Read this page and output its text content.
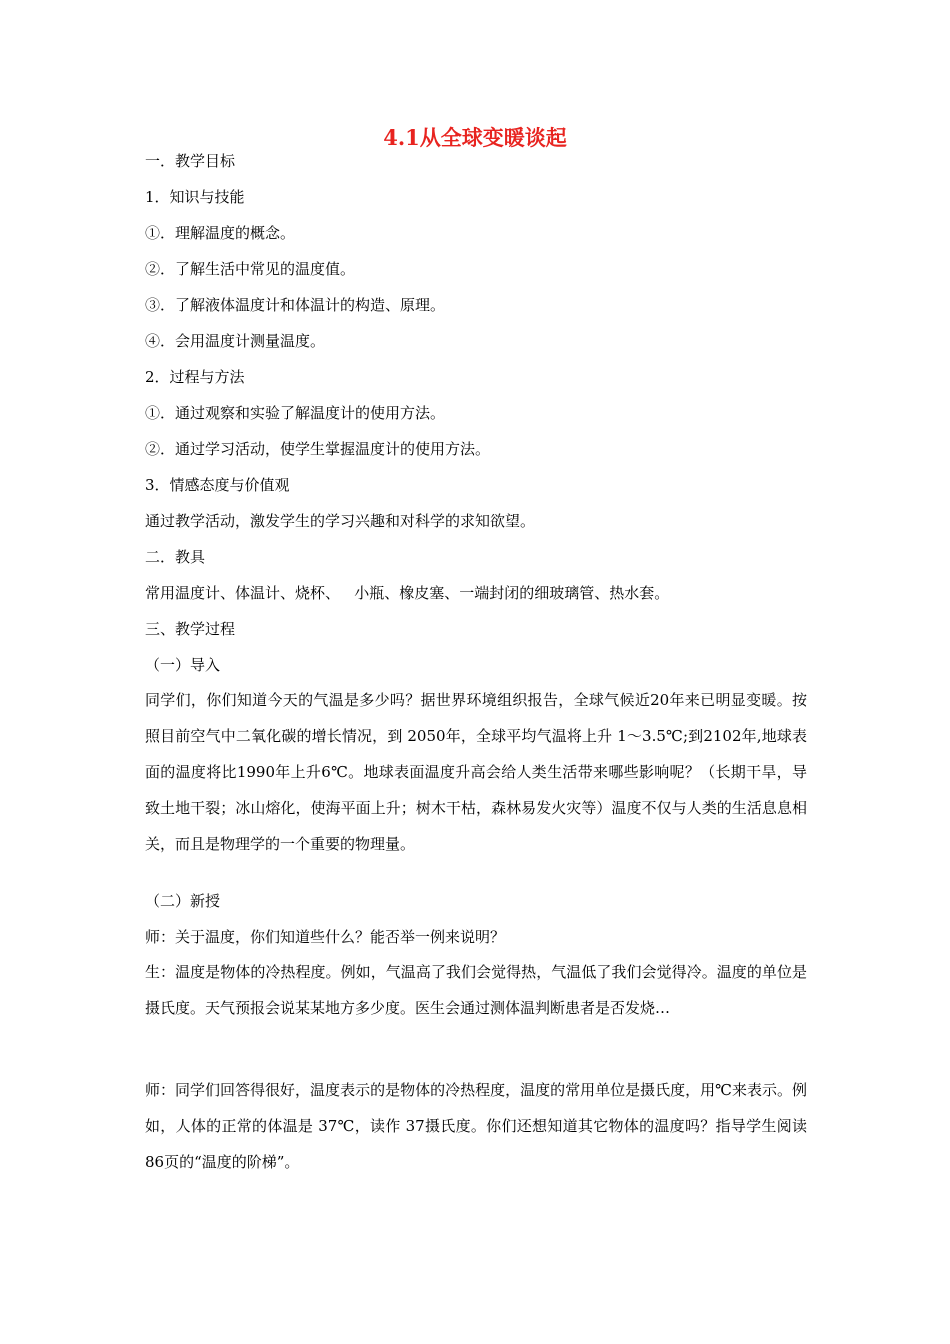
4.1从全球变暖谈起
一．教学目标
1．知识与技能
①．理解温度的概念。
②．了解生活中常见的温度值。
③．了解液体温度计和体温计的构造、原理。
④．会用温度计测量温度。
2．过程与方法
①．通过观察和实验了解温度计的使用方法。
②．通过学习活动，使学生掌握温度计的使用方法。
3．情感态度与价值观
通过教学活动，激发学生的学习兴趣和对科学的求知欲望。
二．教具
常用温度计、体温计、烧杯、   小瓶、橡皮塞、一端封闭的细玻璃管、热水套。
三、教学过程
（一）导入
同学们，你们知道今天的气温是多少吗？据世界环境组织报告，全球气候近20年来已明显变暖。按照目前空气中二氧化碳的增长情况，到 2050年，全球平均气温将上升 1～3.5℃;到2102年,地球表面的温度将比1990年上升6℃。地球表面温度升高会给人类生活带来哪些影响呢？（长期干旱，导致土地干裂；冰山熔化，使海平面上升；树木干枯，森林易发火灾等）温度不仅与人类的生活息息相关，而且是物理学的一个重要的物理量。
（二）新授
师：关于温度，你们知道些什么？能否举一例来说明？
生：温度是物体的冷热程度。例如，气温高了我们会觉得热，气温低了我们会觉得冷。温度的单位是摄氏度。天气预报会说某某地方多少度。医生会通过测体温判断患者是否发烧…
师：同学们回答得很好，温度表示的是物体的冷热程度，温度的常用单位是摄氏度，用℃来表示。例如，人体的正常的体温是 37℃，读作 37摄氏度。你们还想知道其它物体的温度吗？指导学生阅读86页的“温度的阶梯”。
